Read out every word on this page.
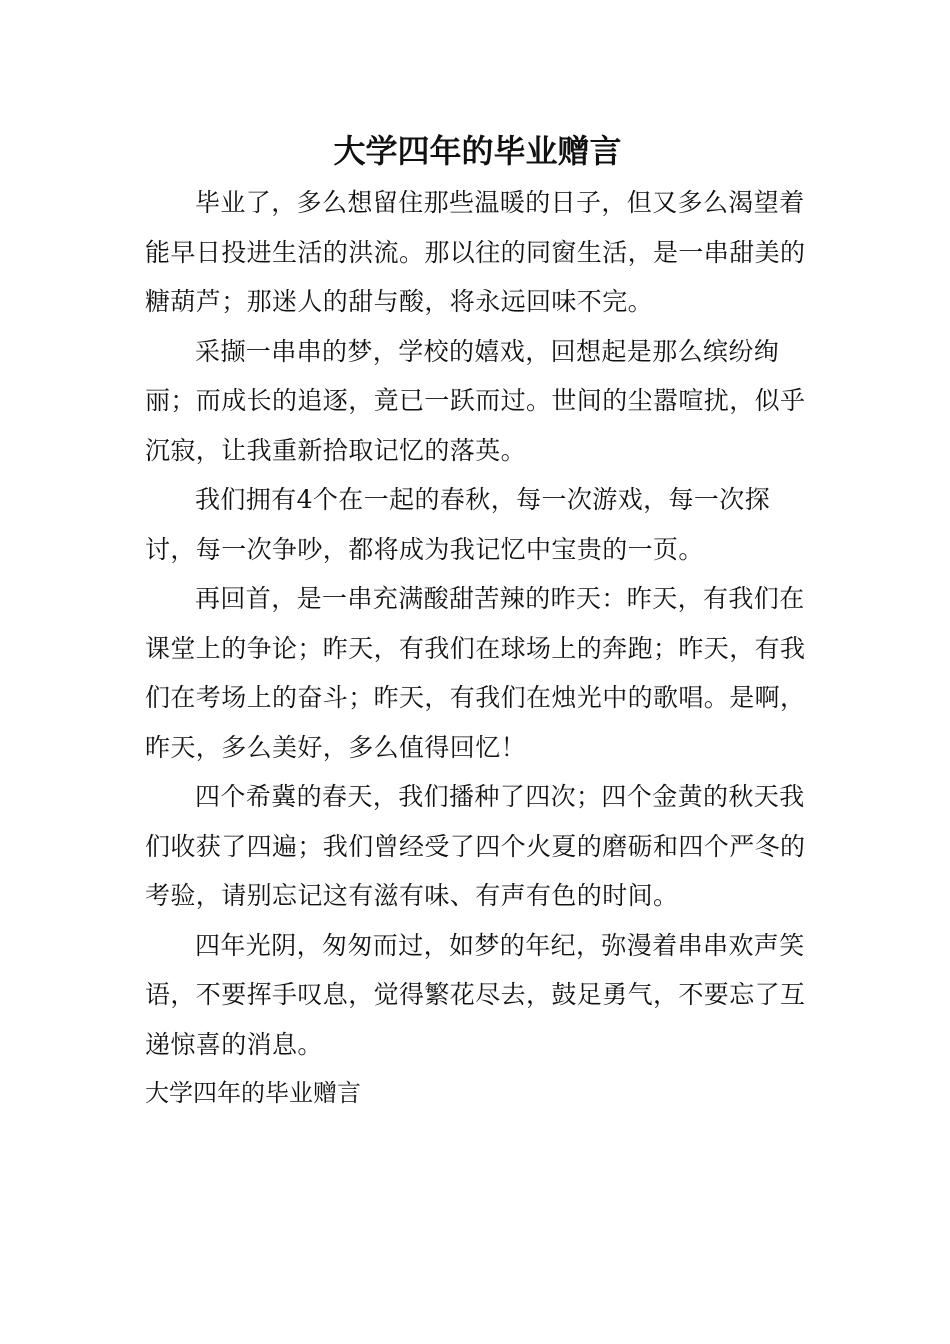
大学四年的毕业赠言

毕业了，多么想留住那些温暖的日子，但又多么渴望着能早日投进生活的洪流。那以往的同窗生活，是一串甜美的糖葫芦；那迷人的甜与酸，将永远回味不完。

采撷一串串的梦，学校的嬉戏，回想起是那么缤纷绚丽；而成长的追逐，竟已一跃而过。世间的尘嚣喧扰，似乎沉寂，让我重新拾取记忆的落英。

我们拥有4个在一起的春秋，每一次游戏，每一次探讨，每一次争吵，都将成为我记忆中宝贵的一页。

再回首，是一串充满酸甜苦辣的昨天：昨天，有我们在课堂上的争论；昨天，有我们在球场上的奔跑；昨天，有我们在考场上的奋斗；昨天，有我们在烛光中的歌唱。是啊，昨天，多么美好，多么值得回忆！

四个希冀的春天，我们播种了四次；四个金黄的秋天我们收获了四遍；我们曾经受了四个火夏的磨砺和四个严冬的考验，请别忘记这有滋有味、有声有色的时间。

四年光阴，匆匆而过，如梦的年纪，弥漫着串串欢声笑语，不要挥手叹息，觉得繁花尽去，鼓足勇气，不要忘了互递惊喜的消息。

大学四年的毕业赠言
